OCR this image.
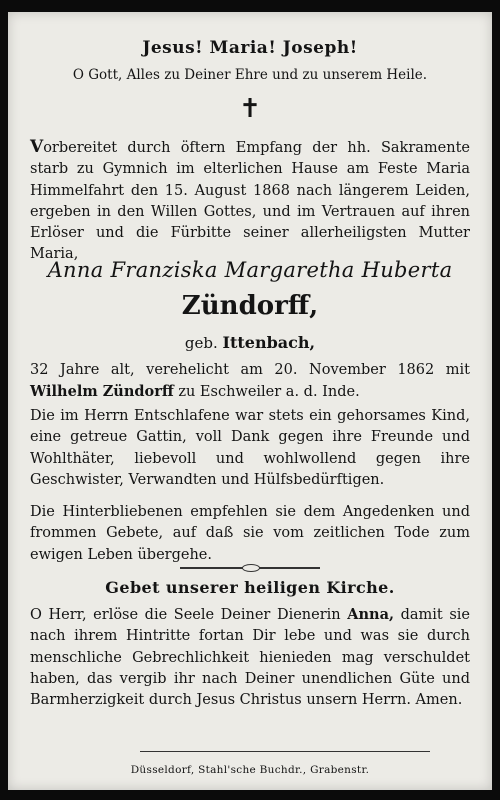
Jesus! Maria! Joseph!
O Gott, Alles zu Deiner Ehre und zu unserem Heile.
✝
Vorbereitet durch öftern Empfang der hh. Sakramente starb zu Gymnich im elterlichen Hause am Feste Maria Himmelfahrt den 15. August 1868 nach längerem Leiden, ergeben in den Willen Gottes, und im Vertrauen auf ihren Erlöser und die Fürbitte seiner allerheiligsten Mutter Maria,
Anna Franziska Margaretha Huberta
Zündorff,
geb. Ittenbach,
32 Jahre alt, verehelicht am 20. November 1862 mit Wilhelm Zündorff zu Eschweiler a. d. Inde.
Die im Herrn Entschlafene war stets ein gehorsames Kind, eine getreue Gattin, voll Dank gegen ihre Freunde und Wohlthäter, liebevoll und wohlwollend gegen ihre Geschwister, Verwandten und Hülfsbedürftigen.
Die Hinterbliebenen empfehlen sie dem Angedenken und frommen Gebete, auf daß sie vom zeitlichen Tode zum ewigen Leben übergehe.
Gebet unserer heiligen Kirche.
O Herr, erlöse die Seele Deiner Dienerin Anna, damit sie nach ihrem Hintritte fortan Dir lebe und was sie durch menschliche Gebrechlichkeit hienieden mag verschuldet haben, das vergib ihr nach Deiner unendlichen Güte und Barmherzigkeit durch Jesus Christus unsern Herrn. Amen.
Düsseldorf, Stahl'sche Buchdr., Grabenstr.
